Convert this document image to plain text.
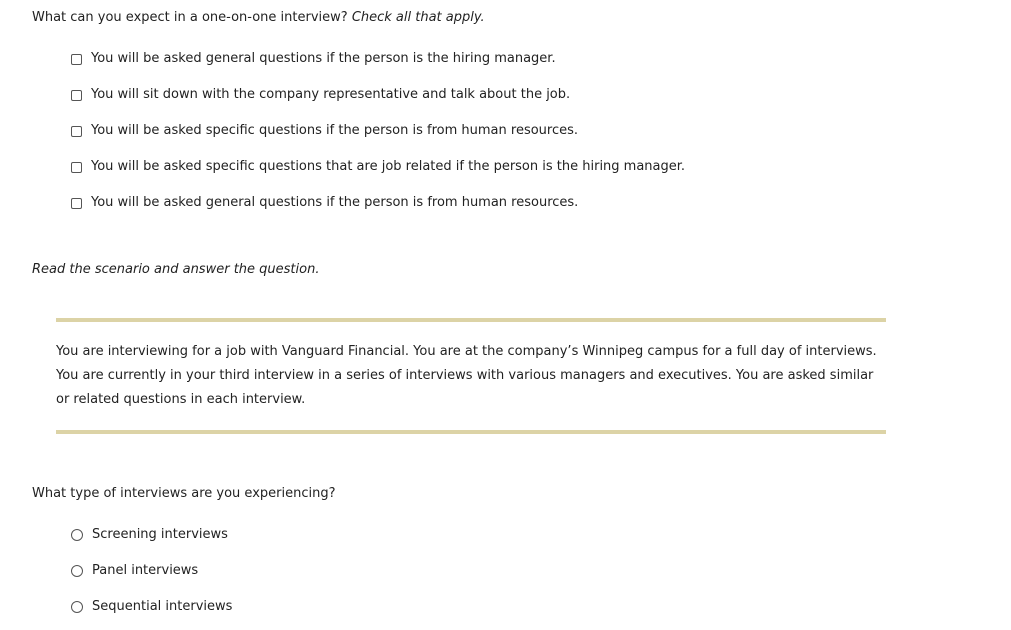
What can you expect in a one-on-one interview? Check all that apply.
You will be asked general questions if the person is the hiring manager.
You will sit down with the company representative and talk about the job.
You will be asked specific questions if the person is from human resources.
You will be asked specific questions that are job related if the person is the hiring manager.
You will be asked general questions if the person is from human resources.
Read the scenario and answer the question.
You are interviewing for a job with Vanguard Financial. You are at the company’s Winnipeg campus for a full day of interviews. You are currently in your third interview in a series of interviews with various managers and executives. You are asked similar or related questions in each interview.
What type of interviews are you experiencing?
Screening interviews
Panel interviews
Sequential interviews
